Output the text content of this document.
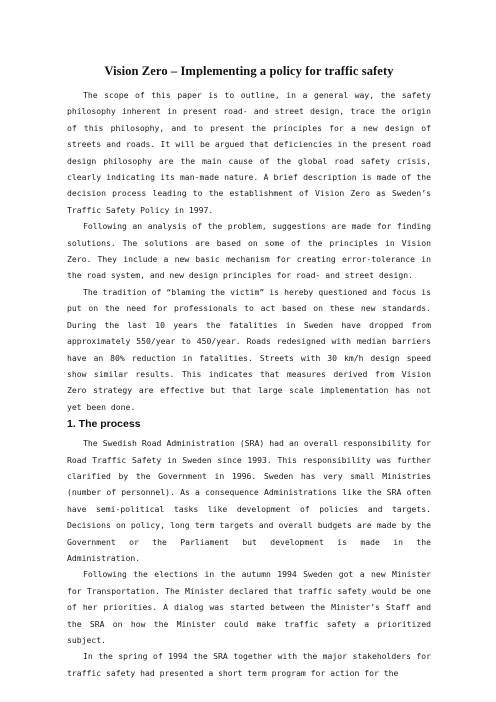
Vision Zero – Implementing a policy for traffic safety

The scope of this paper is to outline, in a general way, the safety philosophy inherent in present road- and street design, trace the origin of this philosophy, and to present the principles for a new design of streets and roads. It will be argued that deficiencies in the present road design philosophy are the main cause of the global road safety crisis, clearly indicating its man-made nature. A brief description is made of the decision process leading to the establishment of Vision Zero as Sweden’s Traffic Safety Policy in 1997.

Following an analysis of the problem, suggestions are made for finding solutions. The solutions are based on some of the principles in Vision Zero. They include a new basic mechanism for creating error-tolerance in the road system, and new design principles for road- and street design.

The tradition of “blaming the victim” is hereby questioned and focus is put on the need for professionals to act based on these new standards. During the last 10 years the fatalities in Sweden have dropped from approximately 550/year to 450/year. Roads redesigned with median barriers have an 80% reduction in fatalities. Streets with 30 km/h design speed show similar results. This indicates that measures derived from Vision Zero strategy are effective but that large scale implementation has not yet been done.

1. The process

The Swedish Road Administration (SRA) had an overall responsibility for Road Traffic Safety in Sweden since 1993. This responsibility was further clarified by the Government in 1996. Sweden has very small Ministries (number of personnel). As a consequence Administrations like the SRA often have semi-political tasks like development of policies and targets. Decisions on policy, long term targets and overall budgets are made by the Government or the Parliament but development is made in the Administration.

Following the elections in the autumn 1994 Sweden got a new Minister for Transportation. The Minister declared that traffic safety would be one of her priorities. A dialog was started between the Minister’s Staff and the SRA on how the Minister could make traffic safety a prioritized subject.

In the spring of 1994 the SRA together with the major stakeholders for traffic safety had presented a short term program for action for the
